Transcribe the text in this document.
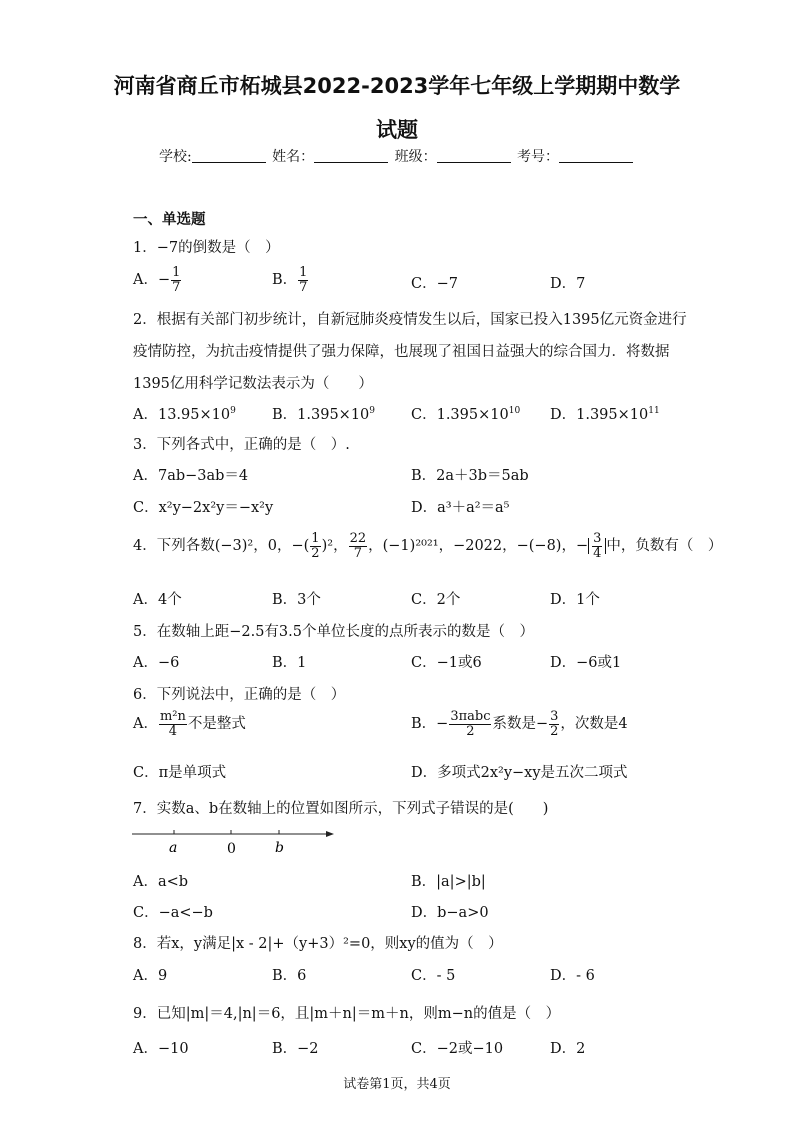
河南省商丘市柘城县2022-2023学年七年级上学期期中数学
试题
学校:	姓名：	班级：	考号：
一、单选题
1．−7的倒数是（　）
A．− $\frac{1}{7}$	B． $\frac{1}{7}$	C．−7	D．7
2．根据有关部门初步统计，自新冠肺炎疫情发生以后，国家已投入1395亿元资金进行
疫情防控，为抗击疫情提供了强力保障，也展现了祖国日益强大的综合国力．将数据
1395亿用科学记数法表示为（　　）
A．$13.95\times 10^9$ B．$1.395\times 10^9$ C．$1.395\times 10^{10}$ D．$1.395\times 10^{11}$
3．下列各式中，正确的是（　）.
A．7ab−3ab＝4	B．2a＋3b＝5ab
C．x²y−2x²y＝−x²y	D．a³＋a²＝a⁵
4．下列各数(−3)²，0，−( $\frac{1}{2} )^2$， $\frac{22}{7}$ ，(−1)²⁰²¹，−2022，−(−8)，− $\frac{3}{4}$ 中，负数有（　）
A．4个	B．3个	C．2个	D．1个
5．在数轴上距−2.5有3.5个单位长度的点所表示的数是（　）
A．−6	B．1	C．−1或6	D．−6或1
6．下列说法中，正确的是（　）
A． $\frac{\text{m²n}}{4}$ 不是整式	B．− $\frac{\text{3πabc}}{2}$ 系数是− $\frac{3}{2}$ ，次数是4
C．π是单项式	D．多项式2x²y−xy是五次二项式
7．实数a、b在数轴上的位置如图所示，下列式子错误的是(　　)
a	0	b
A．a<b	B．|a|>|b|
C．−a<−b	D．b−a>0
8．若x，y满足|x - 2|+（y+3）²=0，则xy的值为（　）
A．9	B．6	C．- 5	D．- 6
9．已知|m|＝4,|n|＝6，且|m＋n|＝m＋n，则m−n的值是（　）
A．−10	B．−2	C．−2或−10	D．2
试卷第1页，共4页
